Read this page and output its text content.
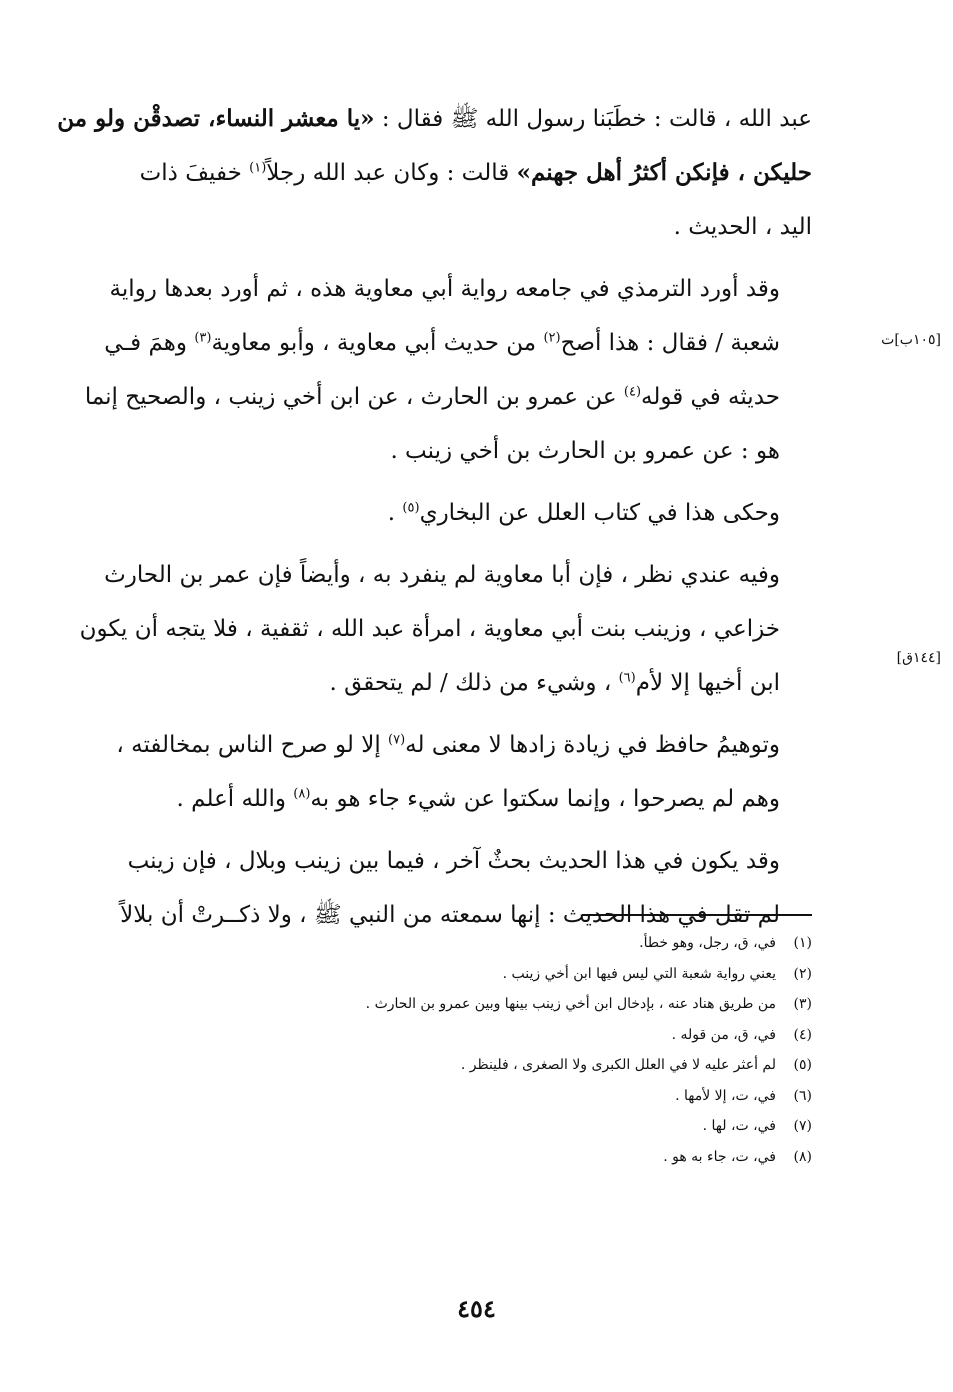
عبد الله ، قالت : خطَبَنا رسول الله ﷺ فقال : «يا معشر النساء، تصدقْن ولو من
حليكن ، فإنكن أكثرُ أهل جهنم» قالت : وكان عبد الله رجلاً$^{(١)}$ خفيفَ ذات
اليد ، الحديث .

وقد أورد الترمذي في جامعه رواية أبي معاوية هذه ، ثم أورد بعدها رواية
شعبة / فقال : هذا أصح$^{(٢)}$ من حديث أبي معاوية ، وأبو معاوية$^{(٣)}$ وهمَ فـي
حديثه في قوله$^{(٤)}$ عن عمرو بن الحارث ، عن ابن أخي زينب ، والصحيح إنما
هو : عن عمرو بن الحارث بن أخي زينب .

وحكى هذا في كتاب العلل عن البخاري$^{(٥)}$ .

وفيه عندي نظر ، فإن أبا معاوية لم ينفرد به ، وأيضاً فإن عمر بن الحارث
خزاعي ، وزينب بنت أبي معاوية ، امرأة عبد الله ، ثقفية ، فلا يتجه أن يكون
ابن أخيها إلا لأم$^{(٦)}$ ، وشيء من ذلك / لم يتحقق .

وتوهيمُ حافظ في زيادة زادها لا معنى له$^{(٧)}$ إلا لو صرح الناس بمخالفته ،
وهم لم يصرحوا ، وإنما سكتوا عن شيء جاء هو به$^{(٨)}$ والله أعلم .

وقد يكون في هذا الحديث بحثٌ آخر ، فيما بين زينب وبلال ، فإن زينب
لم تقل في هذا الحديث : إنها سمعته من النبي ﷺ ، ولا ذكــرتْ أن بلالاً

[١٠٥ب]ت
[١٤٤ق]
(١)
في، ق، رجل، وهو خطأ.
(٢)
يعني رواية شعبة التي ليس فيها ابن أخي زينب .
(٣)
من طريق هناد عنه ، بإدخال ابن أخي زينب بينها وبين عمرو بن الحارث .
(٤)
في، ق، من قوله .
(٥)
لم أعثر عليه لا في العلل الكبرى ولا الصغرى ، فلينظر .
(٦)
في، ت، إلا لأمها .
(٧)
في، ت، لها .
(٨)
في، ت، جاء به هو .
٤٥٤
